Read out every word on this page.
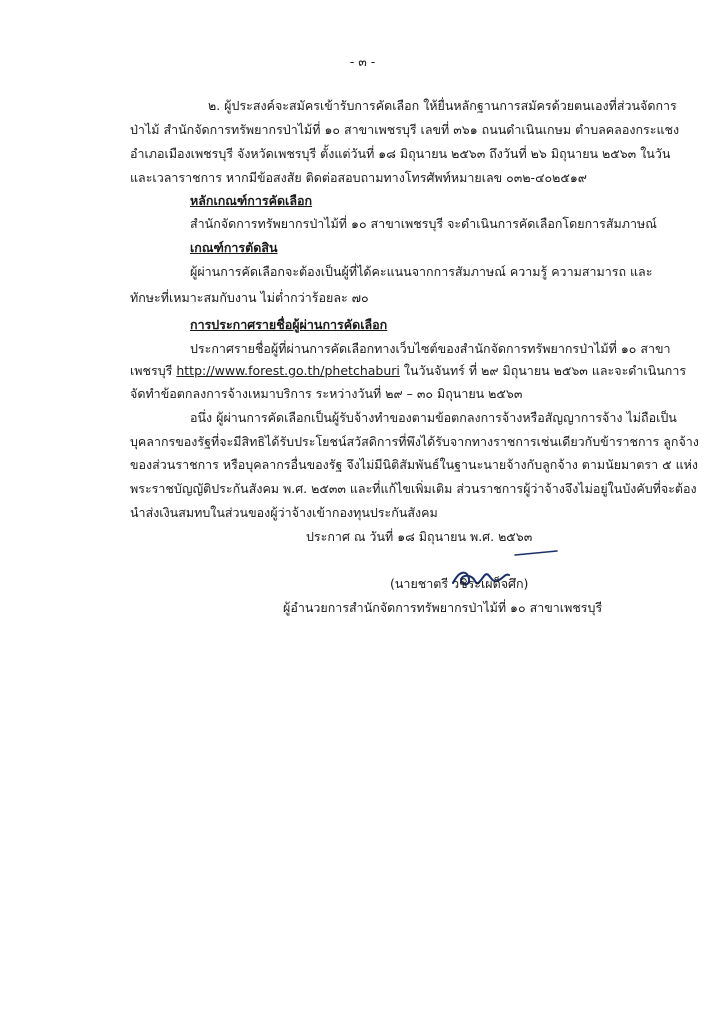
- ๓ -
๒. ผู้ประสงค์จะสมัครเข้ารับการคัดเลือก ให้ยื่นหลักฐานการสมัครด้วยตนเองที่ส่วนจัดการ
ป่าไม้ สำนักจัดการทรัพยากรป่าไม้ที่ ๑๐ สาขาเพชรบุรี เลขที่ ๓๖๑ ถนนดำเนินเกษม ตำบลคลองกระแชง
อำเภอเมืองเพชรบุรี จังหวัดเพชรบุรี ตั้งแต่วันที่ ๑๘ มิถุนายน ๒๕๖๓ ถึงวันที่ ๒๖ มิถุนายน ๒๕๖๓ ในวัน
และเวลาราชการ หากมีข้อสงสัย ติดต่อสอบถามทางโทรศัพท์หมายเลข ๐๓๒-๔๐๒๕๑๙
หลักเกณฑ์การคัดเลือก
สำนักจัดการทรัพยากรป่าไม้ที่ ๑๐ สาขาเพชรบุรี จะดำเนินการคัดเลือกโดยการสัมภาษณ์
เกณฑ์การตัดสิน
ผู้ผ่านการคัดเลือกจะต้องเป็นผู้ที่ได้คะแนนจากการสัมภาษณ์ ความรู้ ความสามารถ และ
ทักษะที่เหมาะสมกับงาน ไม่ต่ำกว่าร้อยละ ๗๐
การประกาศรายชื่อผู้ผ่านการคัดเลือก
ประกาศรายชื่อผู้ที่ผ่านการคัดเลือกทางเว็บไซต์ของสำนักจัดการทรัพยากรป่าไม้ที่ ๑๐ สาขา
เพชรบุรี http://www.forest.go.th/phetchaburi ในวันจันทร์ ที่ ๒๙ มิถุนายน ๒๕๖๓ และจะดำเนินการ
จัดทำข้อตกลงการจ้างเหมาบริการ ระหว่างวันที่ ๒๙ – ๓๐ มิถุนายน ๒๕๖๓
อนึ่ง ผู้ผ่านการคัดเลือกเป็นผู้รับจ้างทำของตามข้อตกลงการจ้างหรือสัญญาการจ้าง ไม่ถือเป็น
บุคลากรของรัฐที่จะมีสิทธิได้รับประโยชน์สวัสดิการที่พึงได้รับจากทางราชการเช่นเดียวกับข้าราชการ ลูกจ้าง
ของส่วนราชการ หรือบุคลากรอื่นของรัฐ จึงไม่มีนิติสัมพันธ์ในฐานะนายจ้างกับลูกจ้าง ตามนัยมาตรา ๕ แห่ง
พระราชบัญญัติประกันสังคม พ.ศ. ๒๕๓๓ และที่แก้ไขเพิ่มเติม ส่วนราชการผู้ว่าจ้างจึงไม่อยู่ในบังคับที่จะต้อง
นำส่งเงินสมทบในส่วนของผู้ว่าจ้างเข้ากองทุนประกันสังคม
ประกาศ ณ วันที่ ๑๘ มิถุนายน พ.ศ. ๒๕๖๓
(นายชาตรี วชิระเผด็จศึก)
ผู้อำนวยการสำนักจัดการทรัพยากรป่าไม้ที่ ๑๐ สาขาเพชรบุรี
